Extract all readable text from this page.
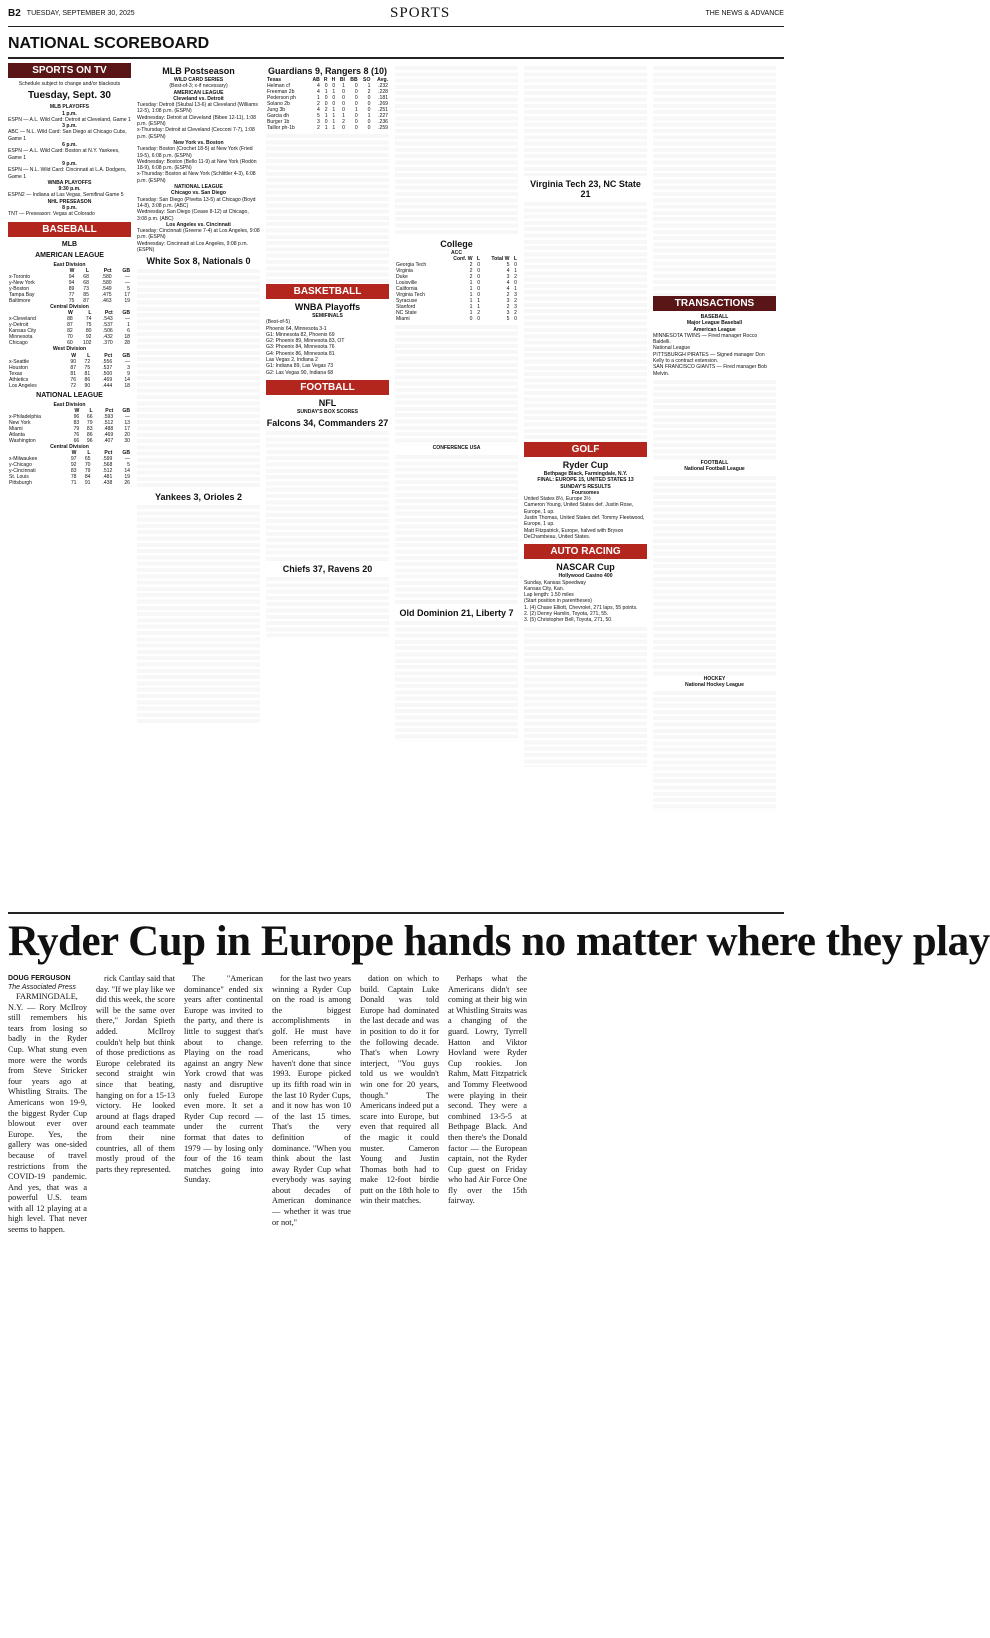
B2 TUESDAY, SEPTEMBER 30, 2025	SPORTS	THE NEWS & ADVANCE
NATIONAL SCOREBOARD
SPORTS ON TV

Schedule subject to change and/or blackouts

Tuesday, Sept. 30
MLB PLAYOFFS
1 p.m.

ESPN — A.L. Wild Card: Detroit at Cleveland, Game 1

3 p.m.

ABC — N.L. Wild Card: San Diego at Chicago Cubs, Game 1

6 p.m.

ESPN — A.L. Wild Card: Boston at N.Y. Yankees, Game 1

9 p.m.

ESPN — N.L. Wild Card: Cincinnati at L.A. Dodgers, Game 1

WNBA PLAYOFFS
9:30 p.m.

ESPN2 — Indiana at Las Vegas, Semifinal Game 5

NHL PRESEASON
8 p.m.

TNT — Preseason: Vegas at Colorado

BASEBALL
MLB
AMERICAN LEAGUE
East Division
	W	L	Pct	GB
x-Toronto	94	68	.580	—
y-New York	94	68	.580	—
y-Boston	89	73	.549	5
Tampa Bay	77	85	.475	17
Baltimore	75	87	.463	19
Central Division
	W	L	Pct	GB
x-Cleveland	88	74	.543	—
y-Detroit	87	75	.537	1
Kansas City	82	80	.506	6
Minnesota	70	92	.432	18
Chicago	60	102	.370	28
West Division
	W	L	Pct	GB
x-Seattle	90	72	.556	—
Houston	87	75	.537	3
Texas	81	81	.500	9
Athletics	76	86	.469	14
Los Angeles	72	90	.444	18
NATIONAL LEAGUE
East Division
	W	L	Pct	GB
x-Philadelphia	96	66	.593	—
New York	83	79	.512	13
Miami	79	83	.488	17
Atlanta	76	86	.469	20
Washington	66	96	.407	30
Central Division
	W	L	Pct	GB
x-Milwaukee	97	65	.599	—
y-Chicago	92	70	.568	5
y-Cincinnati	83	79	.512	14
St. Louis	78	84	.481	19
Pittsburgh	71	91	.438	26
MLB Postseason
WILD CARD SERIES

(Best-of-3; x-if necessary)

AMERICAN LEAGUE
Cleveland vs. Detroit

Tuesday: Detroit (Skubal 13-6) at Cleveland (Williams 12-5), 1:08 p.m. (ESPN)

Wednesday: Detroit at Cleveland (Bibee 12-11), 1:08 p.m. (ESPN)

x-Thursday: Detroit at Cleveland (Cecconi 7-7), 1:08 p.m. (ESPN)

New York vs. Boston

Tuesday: Boston (Crochet 18-5) at New York (Fried 19-5), 6:08 p.m. (ESPN)

Wednesday: Boston (Bello 11-9) at New York (Rodón 18-9), 6:08 p.m. (ESPN)

x-Thursday: Boston at New York (Schlittler 4-3), 6:08 p.m. (ESPN)

NATIONAL LEAGUE
Chicago vs. San Diego

Tuesday: San Diego (Pivetta 13-5) at Chicago (Boyd 14-8), 3:08 p.m. (ABC)

Wednesday: San Diego (Cease 8-12) at Chicago, 3:08 p.m. (ABC)

Los Angeles vs. Cincinnati

Tuesday: Cincinnati (Greene 7-4) at Los Angeles, 9:08 p.m. (ESPN)

Wednesday: Cincinnati at Los Angeles, 9:08 p.m. (ESPN)

White Sox 8, Nationals 0
Yankees 3, Orioles 2
Guardians 9, Rangers 8 (10)
Texas	AB	R	H	BI	BB	SO	Avg.
Helman cf	4	0	0	1	0	1	.232
Freeman 2b	4	1	1	0	0	2	.228
Pederson ph	1	0	0	0	0	0	.181
Solano 2b	2	0	0	0	0	0	.269
Jung 3b	4	2	1	0	1	0	.251
Garcia dh	5	1	1	1	0	1	.227
Burger 1b	3	0	1	2	0	0	.236
Taillor ph-1b	2	1	1	0	0	0	.259
BASKETBALL
WNBA Playoffs
SEMIFINALS

(Best-of-5)

Phoenix 64, Minnesota 3-1

G1: Minnesota 82, Phoenix 69

G2: Phoenix 89, Minnesota 83, OT

G3: Phoenix 84, Minnesota 76

G4: Phoenix 86, Minnesota 81

Las Vegas 2, Indiana 2

G1: Indiana 89, Las Vegas 73

G2: Las Vegas 90, Indiana 68

FOOTBALL
NFL
SUNDAY'S BOX SCORES
Falcons 34, Commanders 27
Chiefs 37, Ravens 20
College
ACC
	Conf. W	L	Total W	L
Georgia Tech	2	0	5	0
Virginia	2	0	4	1
Duke	2	0	3	2
Louisville	1	0	4	0
California	1	0	4	1
Virginia Tech	1	0	2	3
Syracuse	1	1	3	2
Stanford	1	1	2	3
NC State	1	2	3	2
Miami	0	0	5	0
CONFERENCE USA
Old Dominion 21, Liberty 7
Virginia Tech 23, NC State 21
GOLF
Ryder Cup
Bethpage Black, Farmingdale, N.Y.
FINAL: EUROPE 15, UNITED STATES 13
SUNDAY'S RESULTS
Foursomes

United States 8½, Europe 3½

Cameron Young, United States def. Justin Rose, Europe, 1 up.

Justin Thomas, United States def. Tommy Fleetwood, Europe, 1 up.

Matt Fitzpatrick, Europe, halved with Bryson DeChambeau, United States.

AUTO RACING
NASCAR Cup
Hollywood Casino 400

Sunday, Kansas Speedway

Kansas City, Kan.

Lap length: 1.50 miles

(Start position in parentheses)

1. (4) Chase Elliott, Chevrolet, 271 laps, 55 points.

2. (2) Denny Hamlin, Toyota, 271, 55.

3. (5) Christopher Bell, Toyota, 271, 50.

TRANSACTIONS
BASEBALL
Major League Baseball
American League

MINNESOTA TWINS — Fired manager Rocco Baldelli.

National League

PITTSBURGH PIRATES — Signed manager Don Kelly to a contract extension.

SAN FRANCISCO GIANTS — Fired manager Bob Melvin.

FOOTBALL
National Football League
HOCKEY
National Hockey League
Ryder Cup in Europe hands no matter where they play
DOUG FERGUSON
The Associated Press

FARMINGDALE, N.Y. — Rory McIlroy still remembers his tears from losing so badly in the Ryder Cup. What stung even more were the words from Steve Stricker four years ago at Whistling Straits. The Americans won 19-9, the biggest Ryder Cup blowout ever over Europe. Yes, the gallery was one-sided because of travel restrictions from the COVID-19 pandemic. And yes, that was a powerful U.S. team with all 12 playing at a high level. That never seems to happen.

rick Cantlay said that day. "If we play like we did this week, the score will be the same over there," Jordan Spieth added. McIlroy couldn't help but think of those predictions as Europe celebrated its second straight win since that beating, hanging on for a 15-13 victory. He looked around at flags draped around each teammate from their nine countries, all of them mostly proud of the parts they represented.

The "American dominance" ended six years after continental Europe was invited to the party, and there is little to suggest that's about to change. Playing on the road against an angry New York crowd that was nasty and disruptive only fueled Europe even more. It set a Ryder Cup record — under the current format that dates to 1979 — by losing only four of the 16 team matches going into Sunday.

for the last two years winning a Ryder Cup on the road is among the biggest accomplishments in golf. He must have been referring to the Americans, who haven't done that since 1993. Europe picked up its fifth road win in the last 10 Ryder Cups, and it now has won 10 of the last 15 times. That's the very definition of dominance. "When you think about the last away Ryder Cup what everybody was saying about decades of American dominance — whether it was true or not,"

dation on which to build. Captain Luke Donald was told Europe had dominated the last decade and was in position to do it for the following decade. That's when Lowry interject, "You guys told us we wouldn't win one for 20 years, though." The Americans indeed put a scare into Europe, but even that required all the magic it could muster. Cameron Young and Justin Thomas both had to make 12-foot birdie putt on the 18th hole to win their matches.

Perhaps what the Americans didn't see coming at their big win at Whistling Straits was a changing of the guard. Lowry, Tyrrell Hatton and Viktor Hovland were Ryder Cup rookies. Jon Rahm, Matt Fitzpatrick and Tommy Fleetwood were playing in their second. They were a combined 13-5-5 at Bethpage Black. And then there's the Donald factor — the European captain, not the Ryder Cup guest on Friday who had Air Force One fly over the 15th fairway.
